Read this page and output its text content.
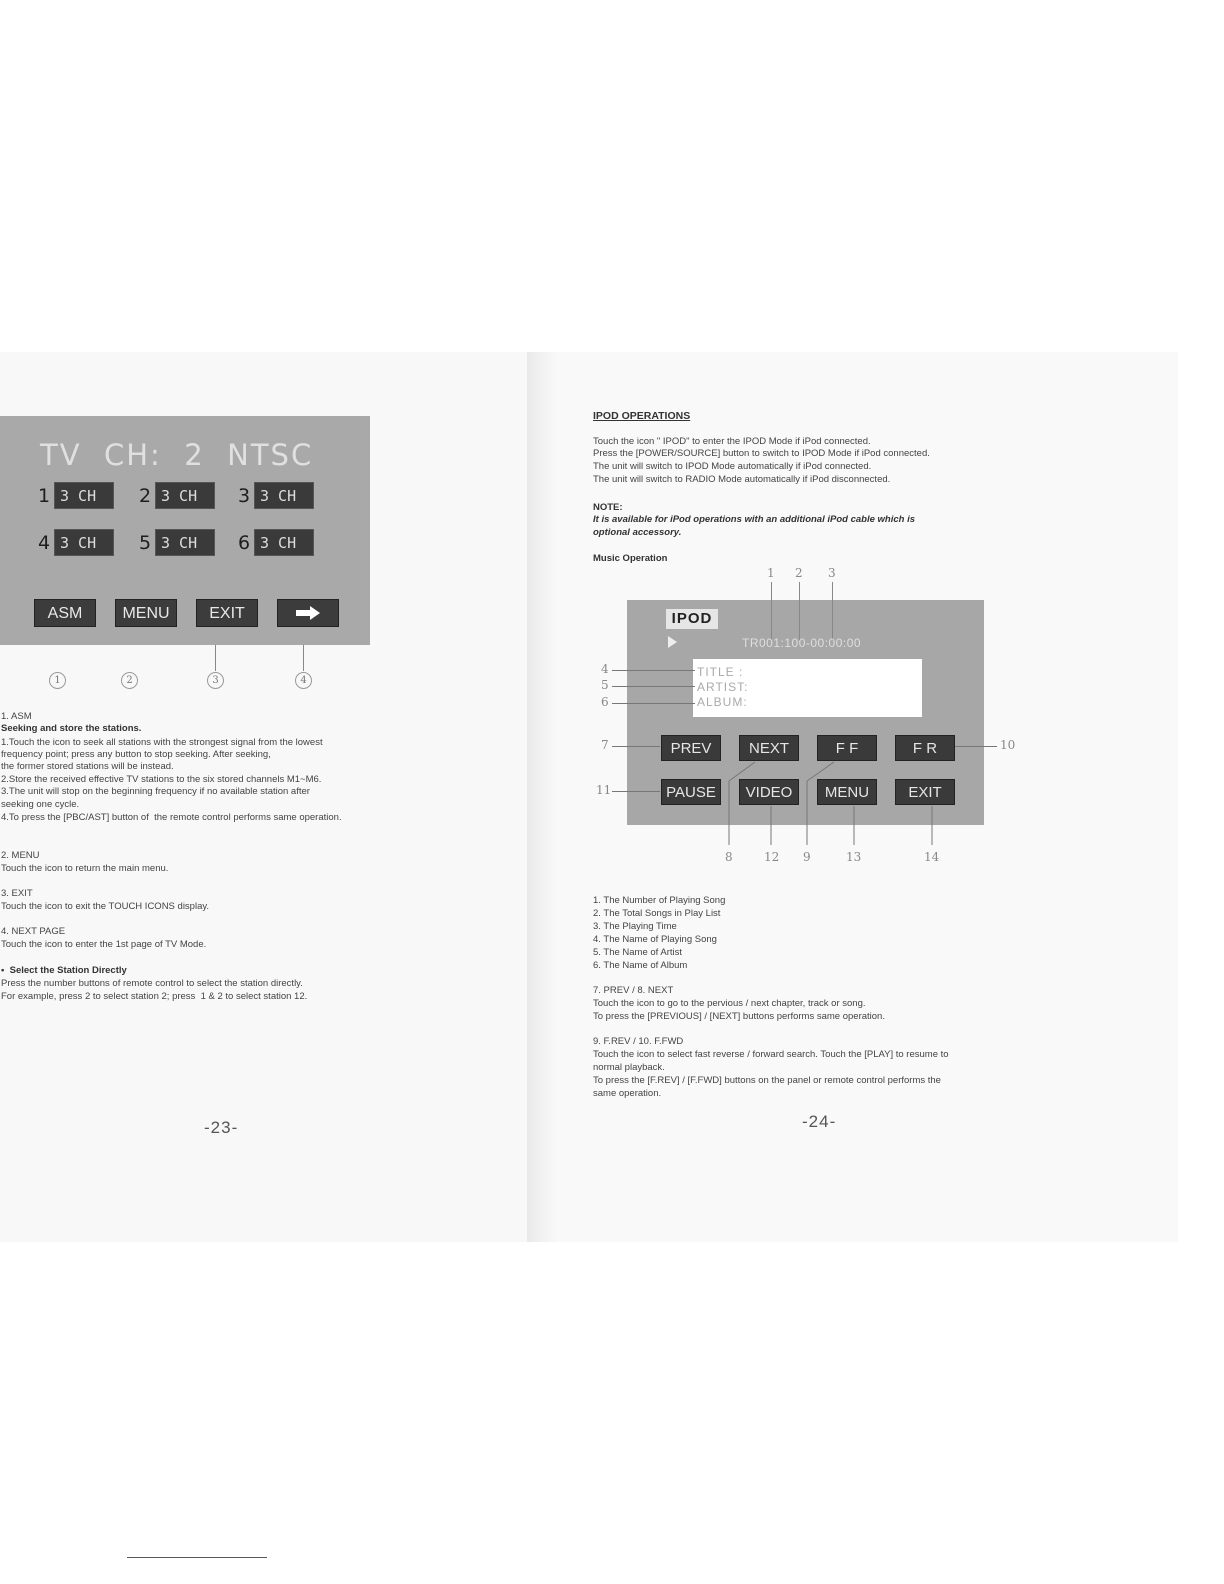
TV  CH:  2  NTSC
1 3 CH	2 3 CH	3 3 CH
4 3 CH	5 3 CH	6 3 CH
ASM	MENU	EXIT
1	2	3	4
1. ASM
Seeking and store the stations.
1.Touch the icon to seek all stations with the strongest signal from the lowest
frequency point; press any button to stop seeking. After seeking,
the former stored stations will be instead.
2.Store the received effective TV stations to the six stored channels M1~M6.
3.The unit will stop on the beginning frequency if no available station after
seeking one cycle.
4.To press the [PBC/AST] button of  the remote control performs same operation.
2. MENU
Touch the icon to return the main menu.
3. EXIT
Touch the icon to exit the TOUCH ICONS display.
4. NEXT PAGE
Touch the icon to enter the 1st page of TV Mode.
•  Select the Station Directly
Press the number buttons of remote control to select the station directly.
For example, press 2 to select station 2; press  1 & 2 to select station 12.
-23-
IPOD OPERATIONS
Touch the icon " IPOD" to enter the IPOD Mode if iPod connected.
Press the [POWER/SOURCE] button to switch to IPOD Mode if iPod connected.
The unit will switch to IPOD Mode automatically if iPod connected.
The unit will switch to RADIO Mode automatically if iPod disconnected.
NOTE:
It is available for iPod operations with an additional iPod cable which is
optional accessory.
Music Operation
1 2 3
IPOD
TR001:100-00:00:00
TITLE :
ARTIST:
ALBUM:
4
5
6
7
11
PREV	NEXT	F F	F R	10
PAUSE	VIDEO	MENU	EXIT
8	12 9	13	14
1. The Number of Playing Song
2. The Total Songs in Play List
3. The Playing Time
4. The Name of Playing Song
5. The Name of Artist
6. The Name of Album
7. PREV / 8. NEXT
Touch the icon to go to the pervious / next chapter, track or song.
To press the [PREVIOUS] / [NEXT] buttons performs same operation.
9. F.REV / 10. F.FWD
Touch the icon to select fast reverse / forward search. Touch the [PLAY] to resume to
normal playback.
To press the [F.REV] / [F.FWD] buttons on the panel or remote control performs the
same operation.
-24-
